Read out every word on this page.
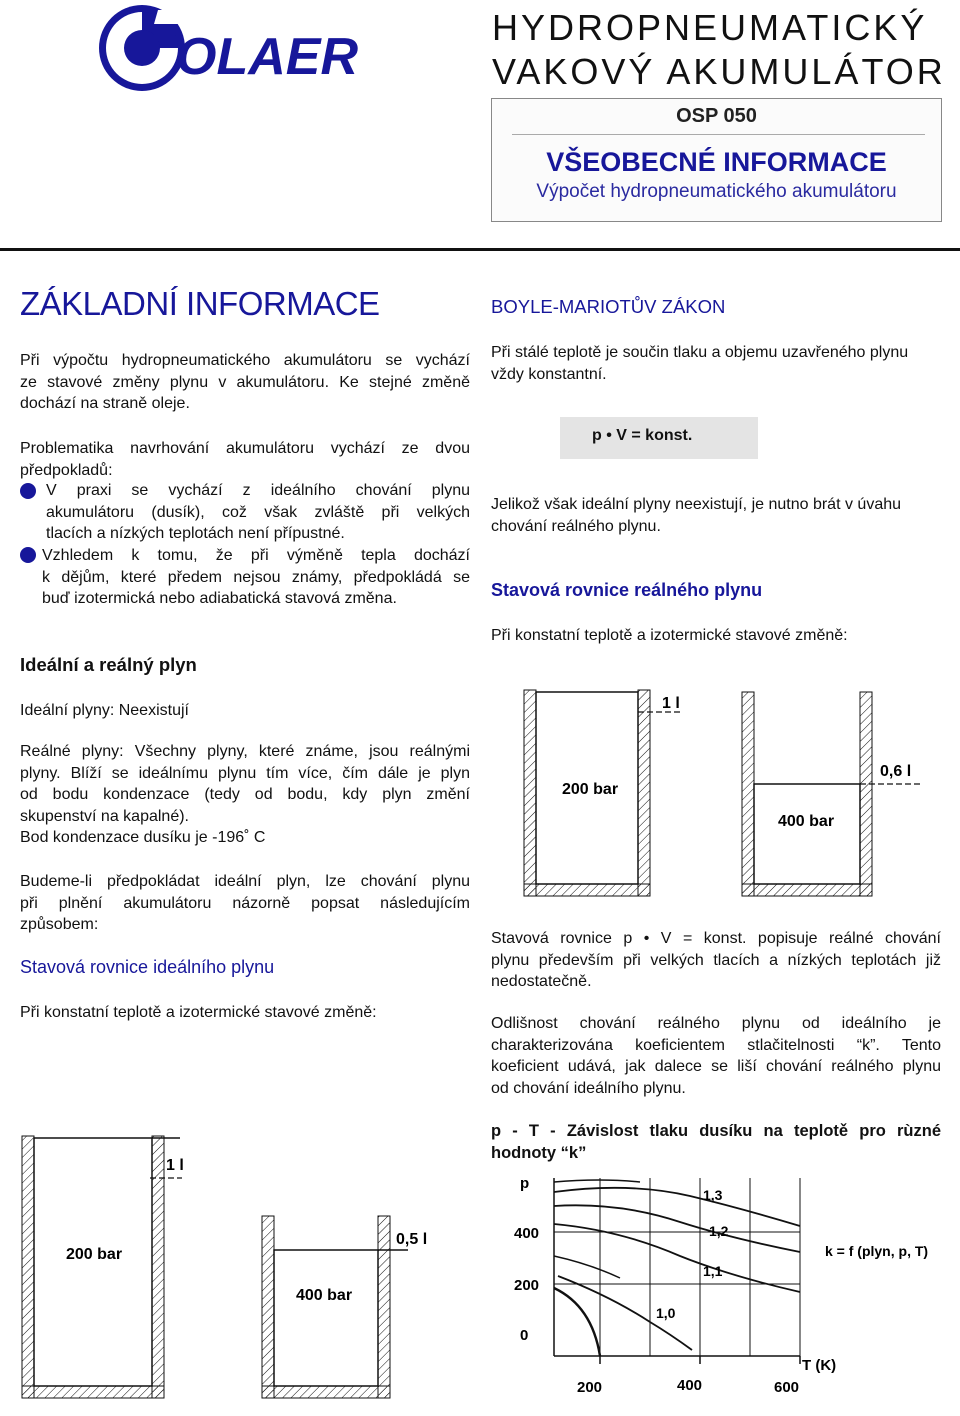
OLAER
HYDROPNEUMATICKÝ
VAKOVÝ AKUMULÁTOR
OSP 050
VŠEOBECNÉ INFORMACE
Výpočet hydropneumatického akumulátoru
ZÁKLADNÍ INFORMACE
Při výpočtu hydropneumatického akumulátoru se vychází
ze stavové změny plynu v akumulátoru. Ke stejné změně
dochází na straně oleje.
Problematika navrhování akumulátoru vychází ze dvou
předpokladů:
V praxi se vychází z ideálního chování plynu
akumulátoru (dusík), což však zvláště při velkých
tlacích a nízkých teplotách není přípustné.
Vzhledem k tomu, že při výměně tepla dochází
k dějům, které předem nejsou známy, předpokládá se
buď izotermická nebo adiabatická stavová změna.
Ideální a reálný plyn
Ideální plyny: Neexistují
Reálné plyny: Všechny plyny, které známe, jsou reálnými
plyny. Blíží se ideálnímu plynu tím více, čím dále je plyn
od bodu kondenzace (tedy od bodu, kdy plyn změní
skupenství na kapalné).
Bod kondenzace dusíku je -196˚ C
Budeme-li předpokládat ideální plyn, lze chování plynu
při plnění akumulátoru názorně popsat následujícím
způsobem:
Stavová rovnice ideálního plynu
Při konstatní teplotě a izotermické stavové změně:
1 l
200 bar
0,5 l
400 bar
BOYLE-MARIOTŮV ZÁKON
Při stálé teplotě je součin tlaku a objemu uzavřeného plynu
vždy konstantní.
p • V = konst.
Jelikož však ideální plyny neexistují, je nutno brát v úvahu
chování reálného plynu.
Stavová rovnice reálného plynu
Při konstatní teplotě a izotermické stavové změně:
1 l
200 bar
0,6 l
400 bar
Stavová rovnice p • V = konst. popisuje reálné chování
plynu především při velkých tlacích a nízkých teplotách již
nedostatečně.
Odlišnost chování reálného plynu od ideálního je
charakterizována koeficientem stlačitelnosti “k”. Tento
koeficient udává, jak dalece se liší chování reálného plynu
od chování ideálního plynu.
p - T - Závislost tlaku dusíku na teplotě pro rùzné
hodnoty “k”
p
T (K)
400
200
0
200	400	600
1,3
1,2
1,1
1,0
k = f (plyn, p, T)
